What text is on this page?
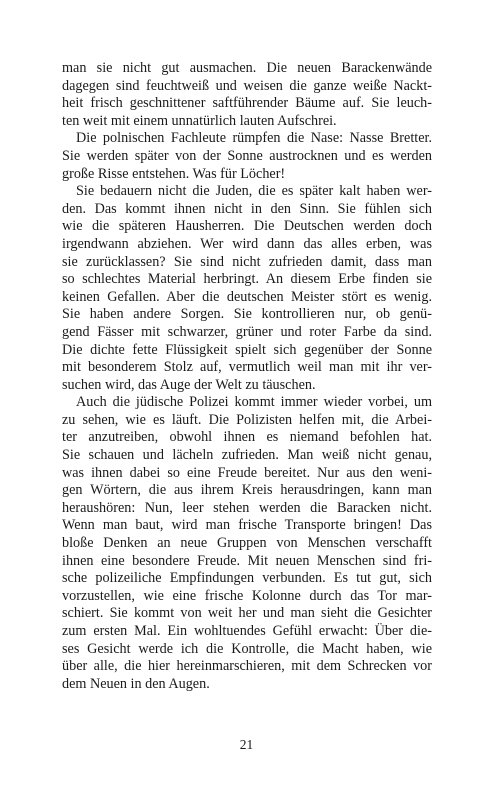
man sie nicht gut ausmachen. Die neuen Barackenwände
dagegen sind feuchtweiß und weisen die ganze weiße Nackt-
heit frisch geschnittener saftführender Bäume auf. Sie leuch-
ten weit mit einem unnatürlich lauten Aufschrei.
Die polnischen Fachleute rümpfen die Nase: Nasse Bretter.
Sie werden später von der Sonne austrocknen und es werden
große Risse entstehen. Was für Löcher!
Sie bedauern nicht die Juden, die es später kalt haben wer-
den. Das kommt ihnen nicht in den Sinn. Sie fühlen sich
wie die späteren Hausherren. Die Deutschen werden doch
irgendwann abziehen. Wer wird dann das alles erben, was
sie zurücklassen? Sie sind nicht zufrieden damit, dass man
so schlechtes Material herbringt. An diesem Erbe finden sie
keinen Gefallen. Aber die deutschen Meister stört es wenig.
Sie haben andere Sorgen. Sie kontrollieren nur, ob genü-
gend Fässer mit schwarzer, grüner und roter Farbe da sind.
Die dichte fette Flüssigkeit spielt sich gegenüber der Sonne
mit besonderem Stolz auf, vermutlich weil man mit ihr ver-
suchen wird, das Auge der Welt zu täuschen.
Auch die jüdische Polizei kommt immer wieder vorbei, um
zu sehen, wie es läuft. Die Polizisten helfen mit, die Arbei-
ter anzutreiben, obwohl ihnen es niemand befohlen hat.
Sie schauen und lächeln zufrieden. Man weiß nicht genau,
was ihnen dabei so eine Freude bereitet. Nur aus den weni-
gen Wörtern, die aus ihrem Kreis herausdringen, kann man
heraushören: Nun, leer stehen werden die Baracken nicht.
Wenn man baut, wird man frische Transporte bringen! Das
bloße Denken an neue Gruppen von Menschen verschafft
ihnen eine besondere Freude. Mit neuen Menschen sind fri-
sche polizeiliche Empfindungen verbunden. Es tut gut, sich
vorzustellen, wie eine frische Kolonne durch das Tor mar-
schiert. Sie kommt von weit her und man sieht die Gesichter
zum ersten Mal. Ein wohltuendes Gefühl erwacht: Über die-
ses Gesicht werde ich die Kontrolle, die Macht haben, wie
über alle, die hier hereinmarschieren, mit dem Schrecken vor
dem Neuen in den Augen.
21
